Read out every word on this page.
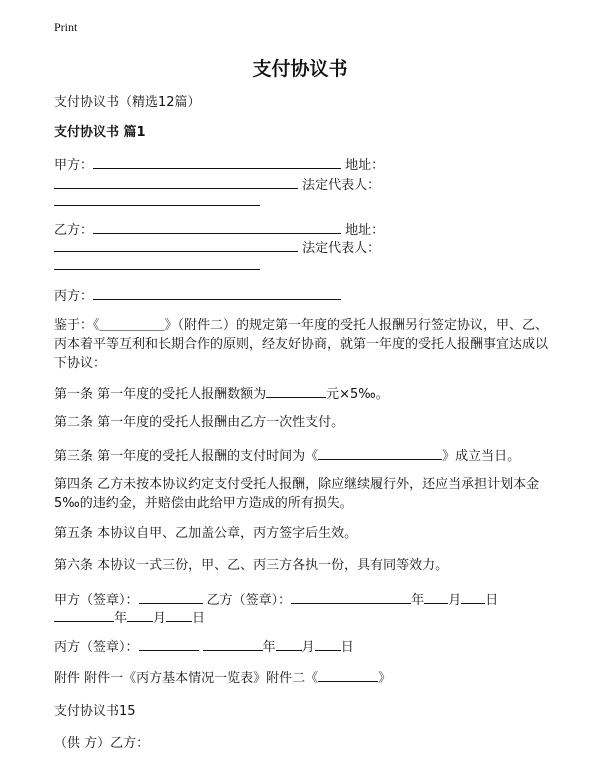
Print
支付协议书
支付协议书（精选12篇）
支付协议书 篇1
甲方：	地址：
法定代表人：
乙方：	地址：
法定代表人：
丙方：
鉴于：《＿＿＿＿＿》（附件二）的规定第一年度的受托人报酬另行签定协议，甲、乙、丙本着平等互利和长期合作的原则，经友好协商，就第一年度的受托人报酬事宜达成以下协议：
第一条 第一年度的受托人报酬数额为	元×5‰。
第二条 第一年度的受托人报酬由乙方一次性支付。
第三条 第一年度的受托人报酬的支付时间为《	》成立当日。
第四条 乙方未按本协议约定支付受托人报酬，除应继续履行外，还应当承担计划本金5‰的违约金，并赔偿由此给甲方造成的所有损失。
第五条 本协议自甲、乙加盖公章，丙方签字后生效。
第六条 本协议一式三份，甲、乙、丙三方各执一份，具有同等效力。
甲方（签章）：	乙方（签章）：	年 月 日
年 月 日
丙方（签章）：	年 月 日
附件 附件一《丙方基本情况一览表》附件二《	》
支付协议书15
（供 方）乙方：
